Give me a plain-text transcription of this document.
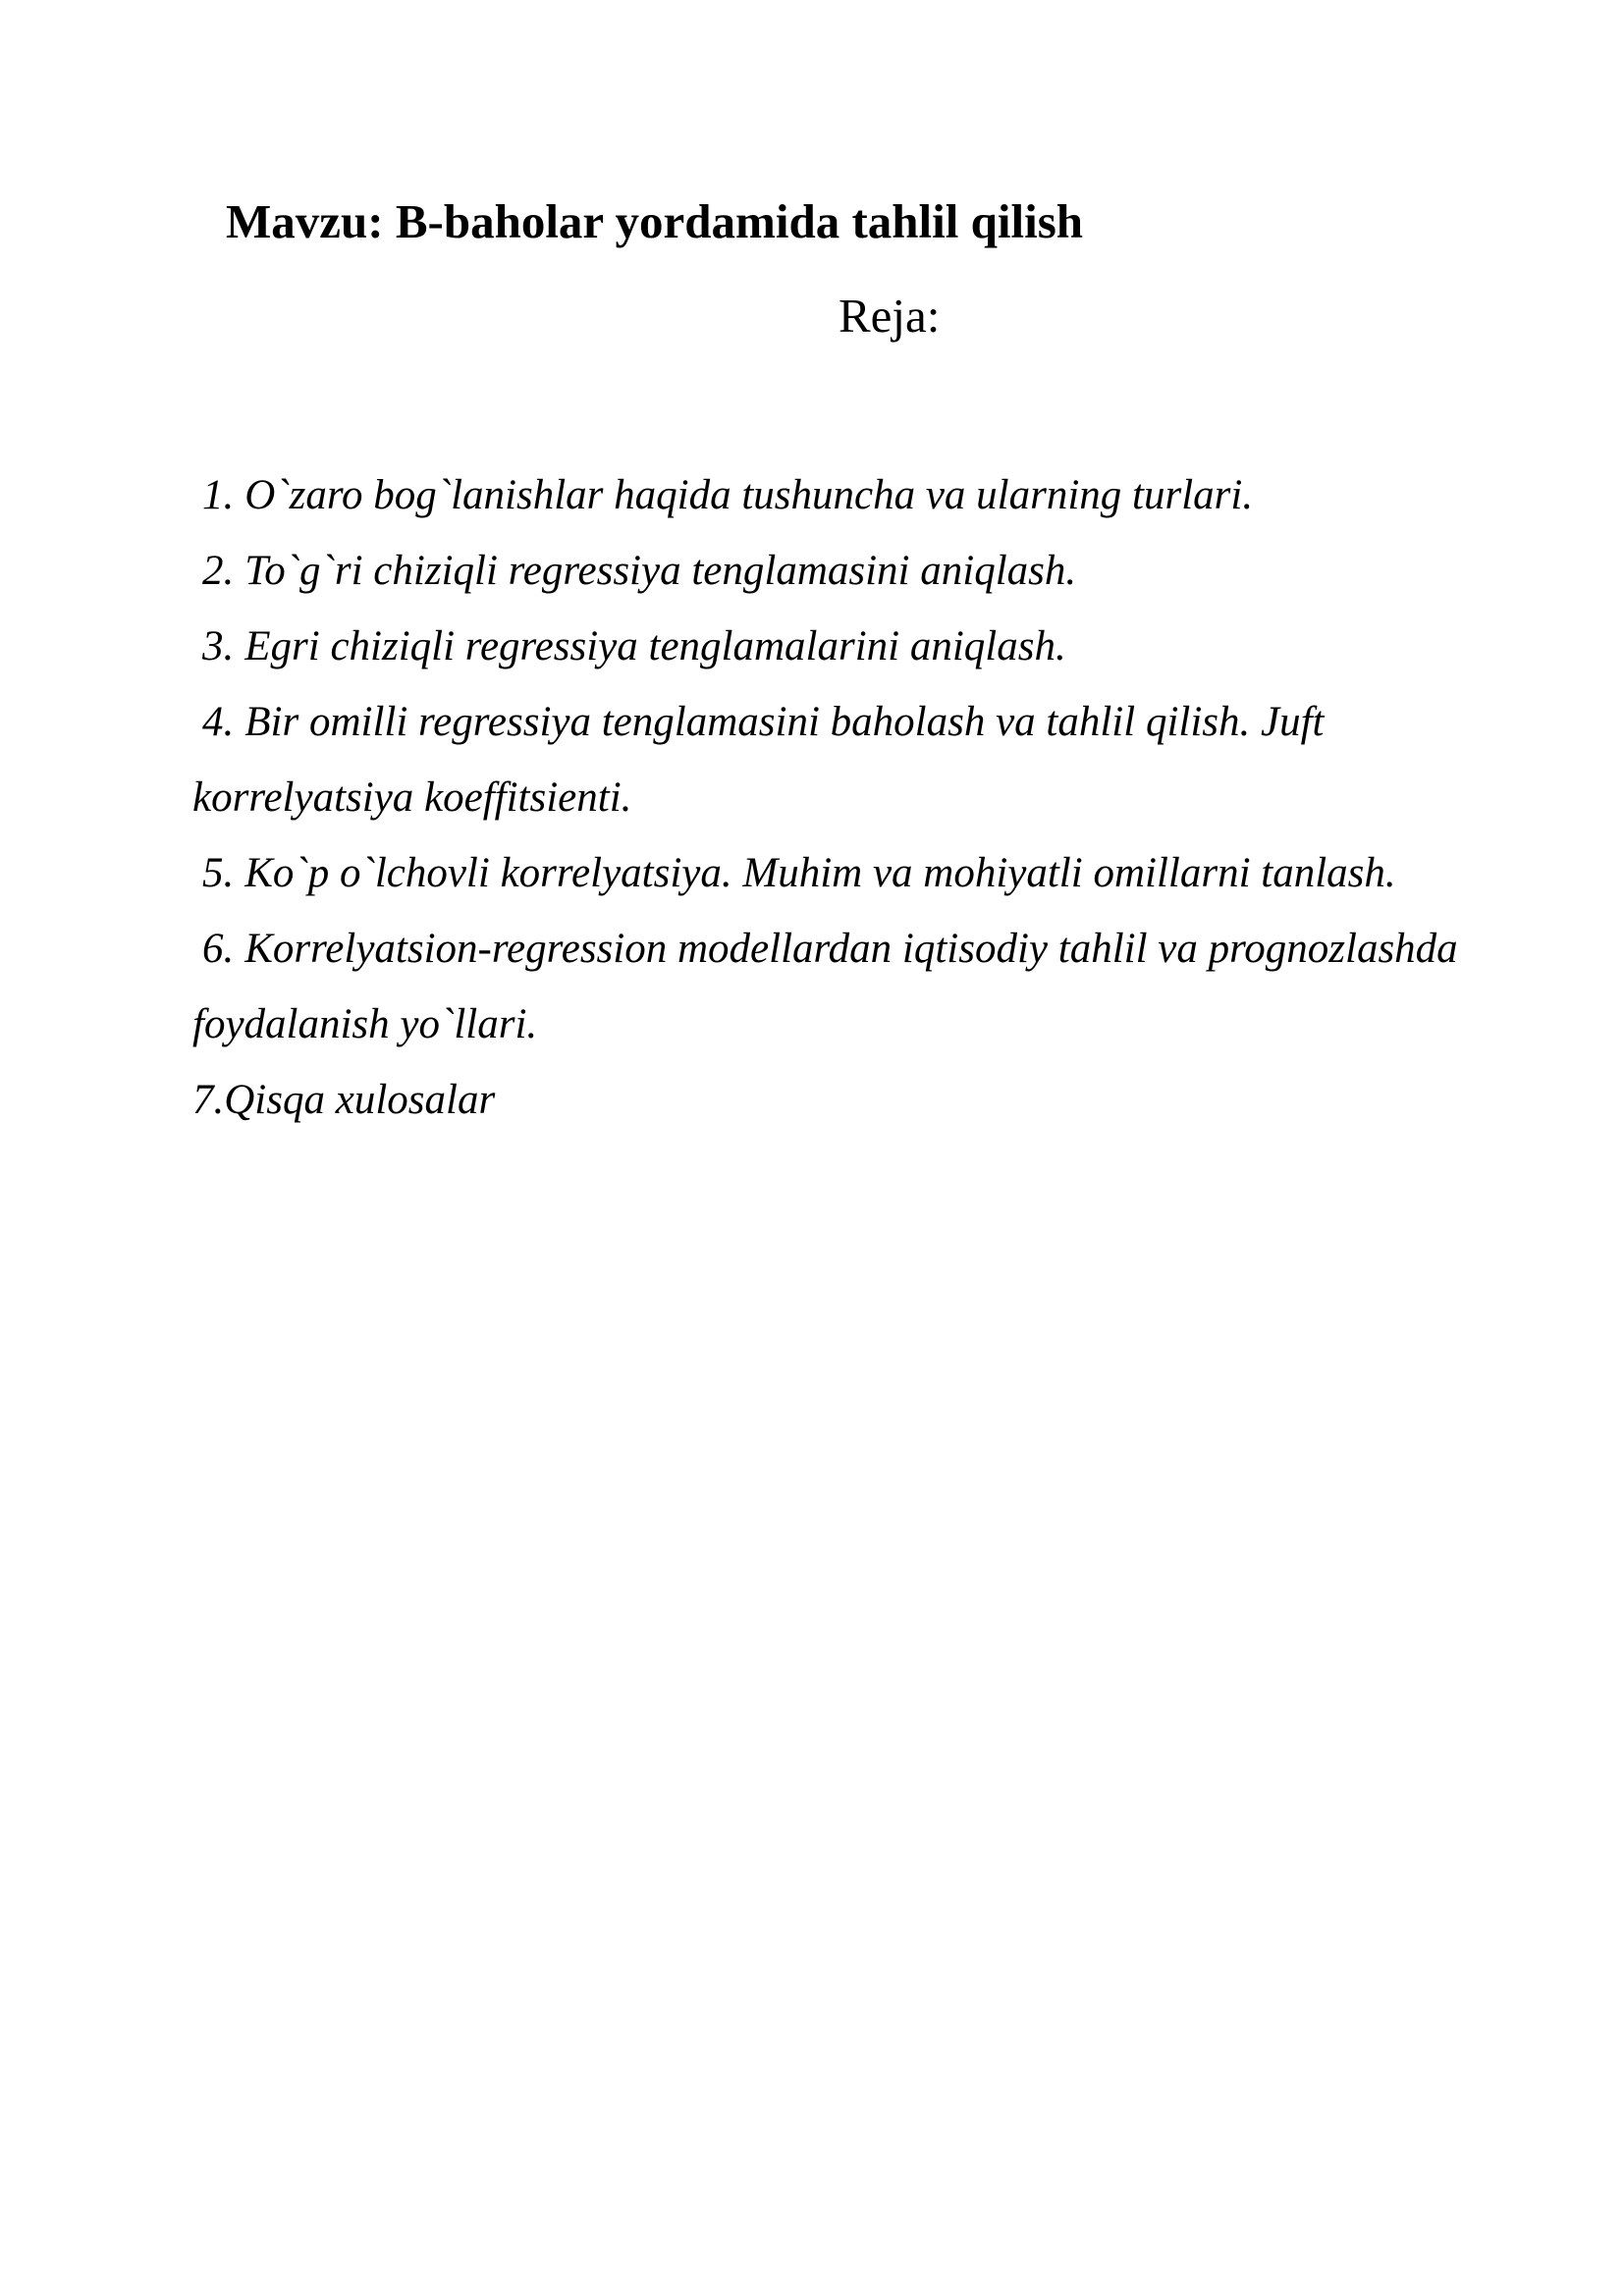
Mavzu: B-baholar yordamida tahlil qilish
Reja:
1. O`zaro bog`lanishlar haqida tushuncha va ularning turlari.
2. To`g`ri chiziqli regressiya tenglamasini aniqlash.
3. Egri chiziqli regressiya tenglamalarini aniqlash.
4. Bir omilli regressiya tenglamasini baholash va tahlil qilish. Juft korrelyatsiya koeffitsienti.
5. Ko`p o`lchovli korrelyatsiya. Muhim va mohiyatli omillarni tanlash.
6. Korrelyatsion-regression modellardan iqtisodiy tahlil va prognozlashda foydalanish yo`llari.
7.Qisqa xulosalar
